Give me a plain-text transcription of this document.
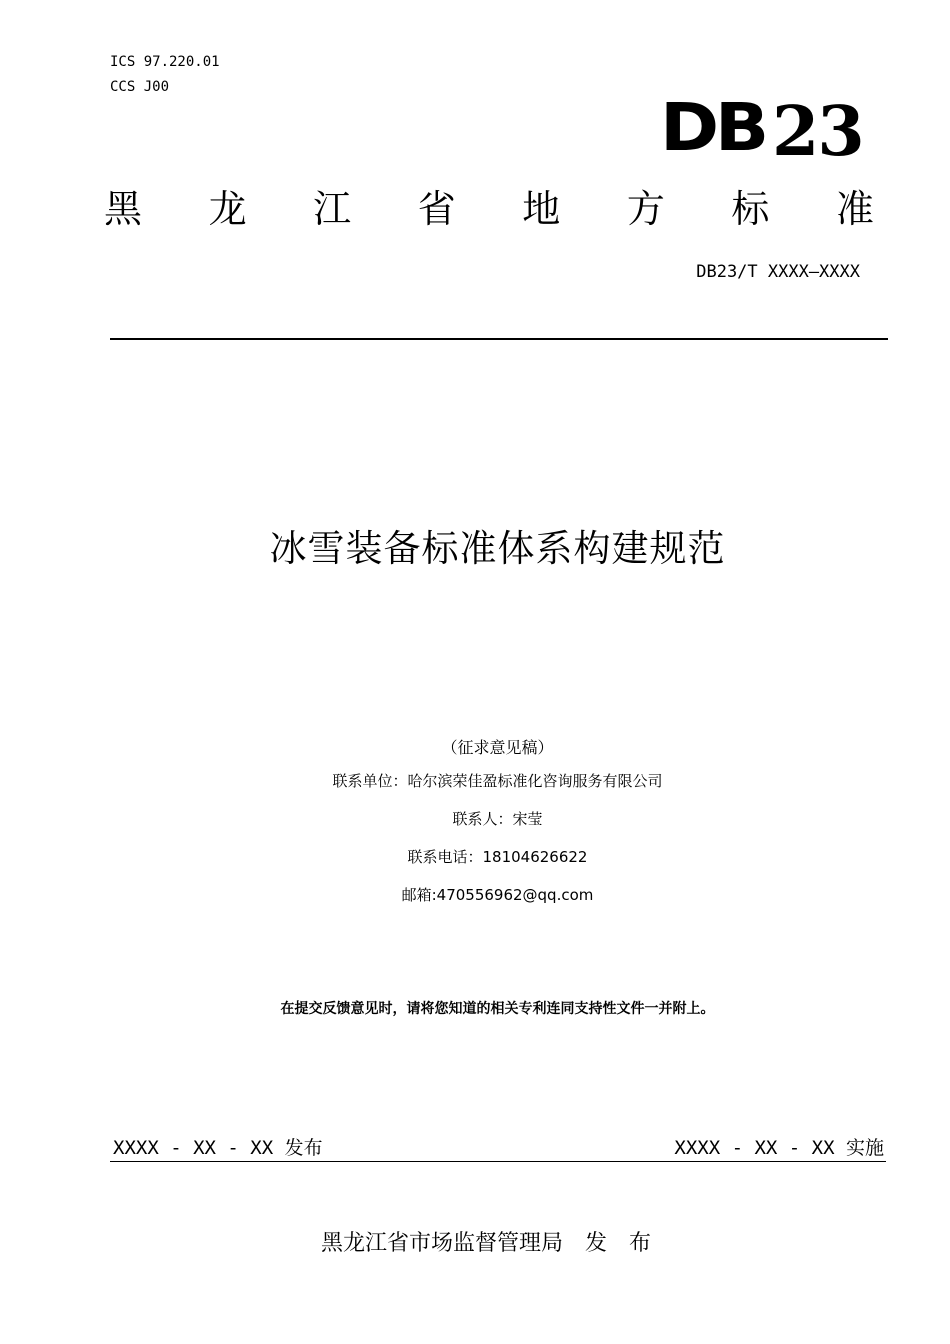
ICS 97.220.01
CCS J00
DB 23
黑 龙 江 省 地 方 标 准
DB23/T XXXX—XXXX
冰雪装备标准体系构建规范
（征求意见稿）
联系单位：哈尔滨荣佳盈标准化咨询服务有限公司
联系人：宋莹
联系电话：18104626622
邮箱:470556962@qq.com
在提交反馈意见时，请将您知道的相关专利连同支持性文件一并附上。
XXXX - XX - XX 发布	XXXX - XX - XX 实施
黑龙江省市场监督管理局　发　布
